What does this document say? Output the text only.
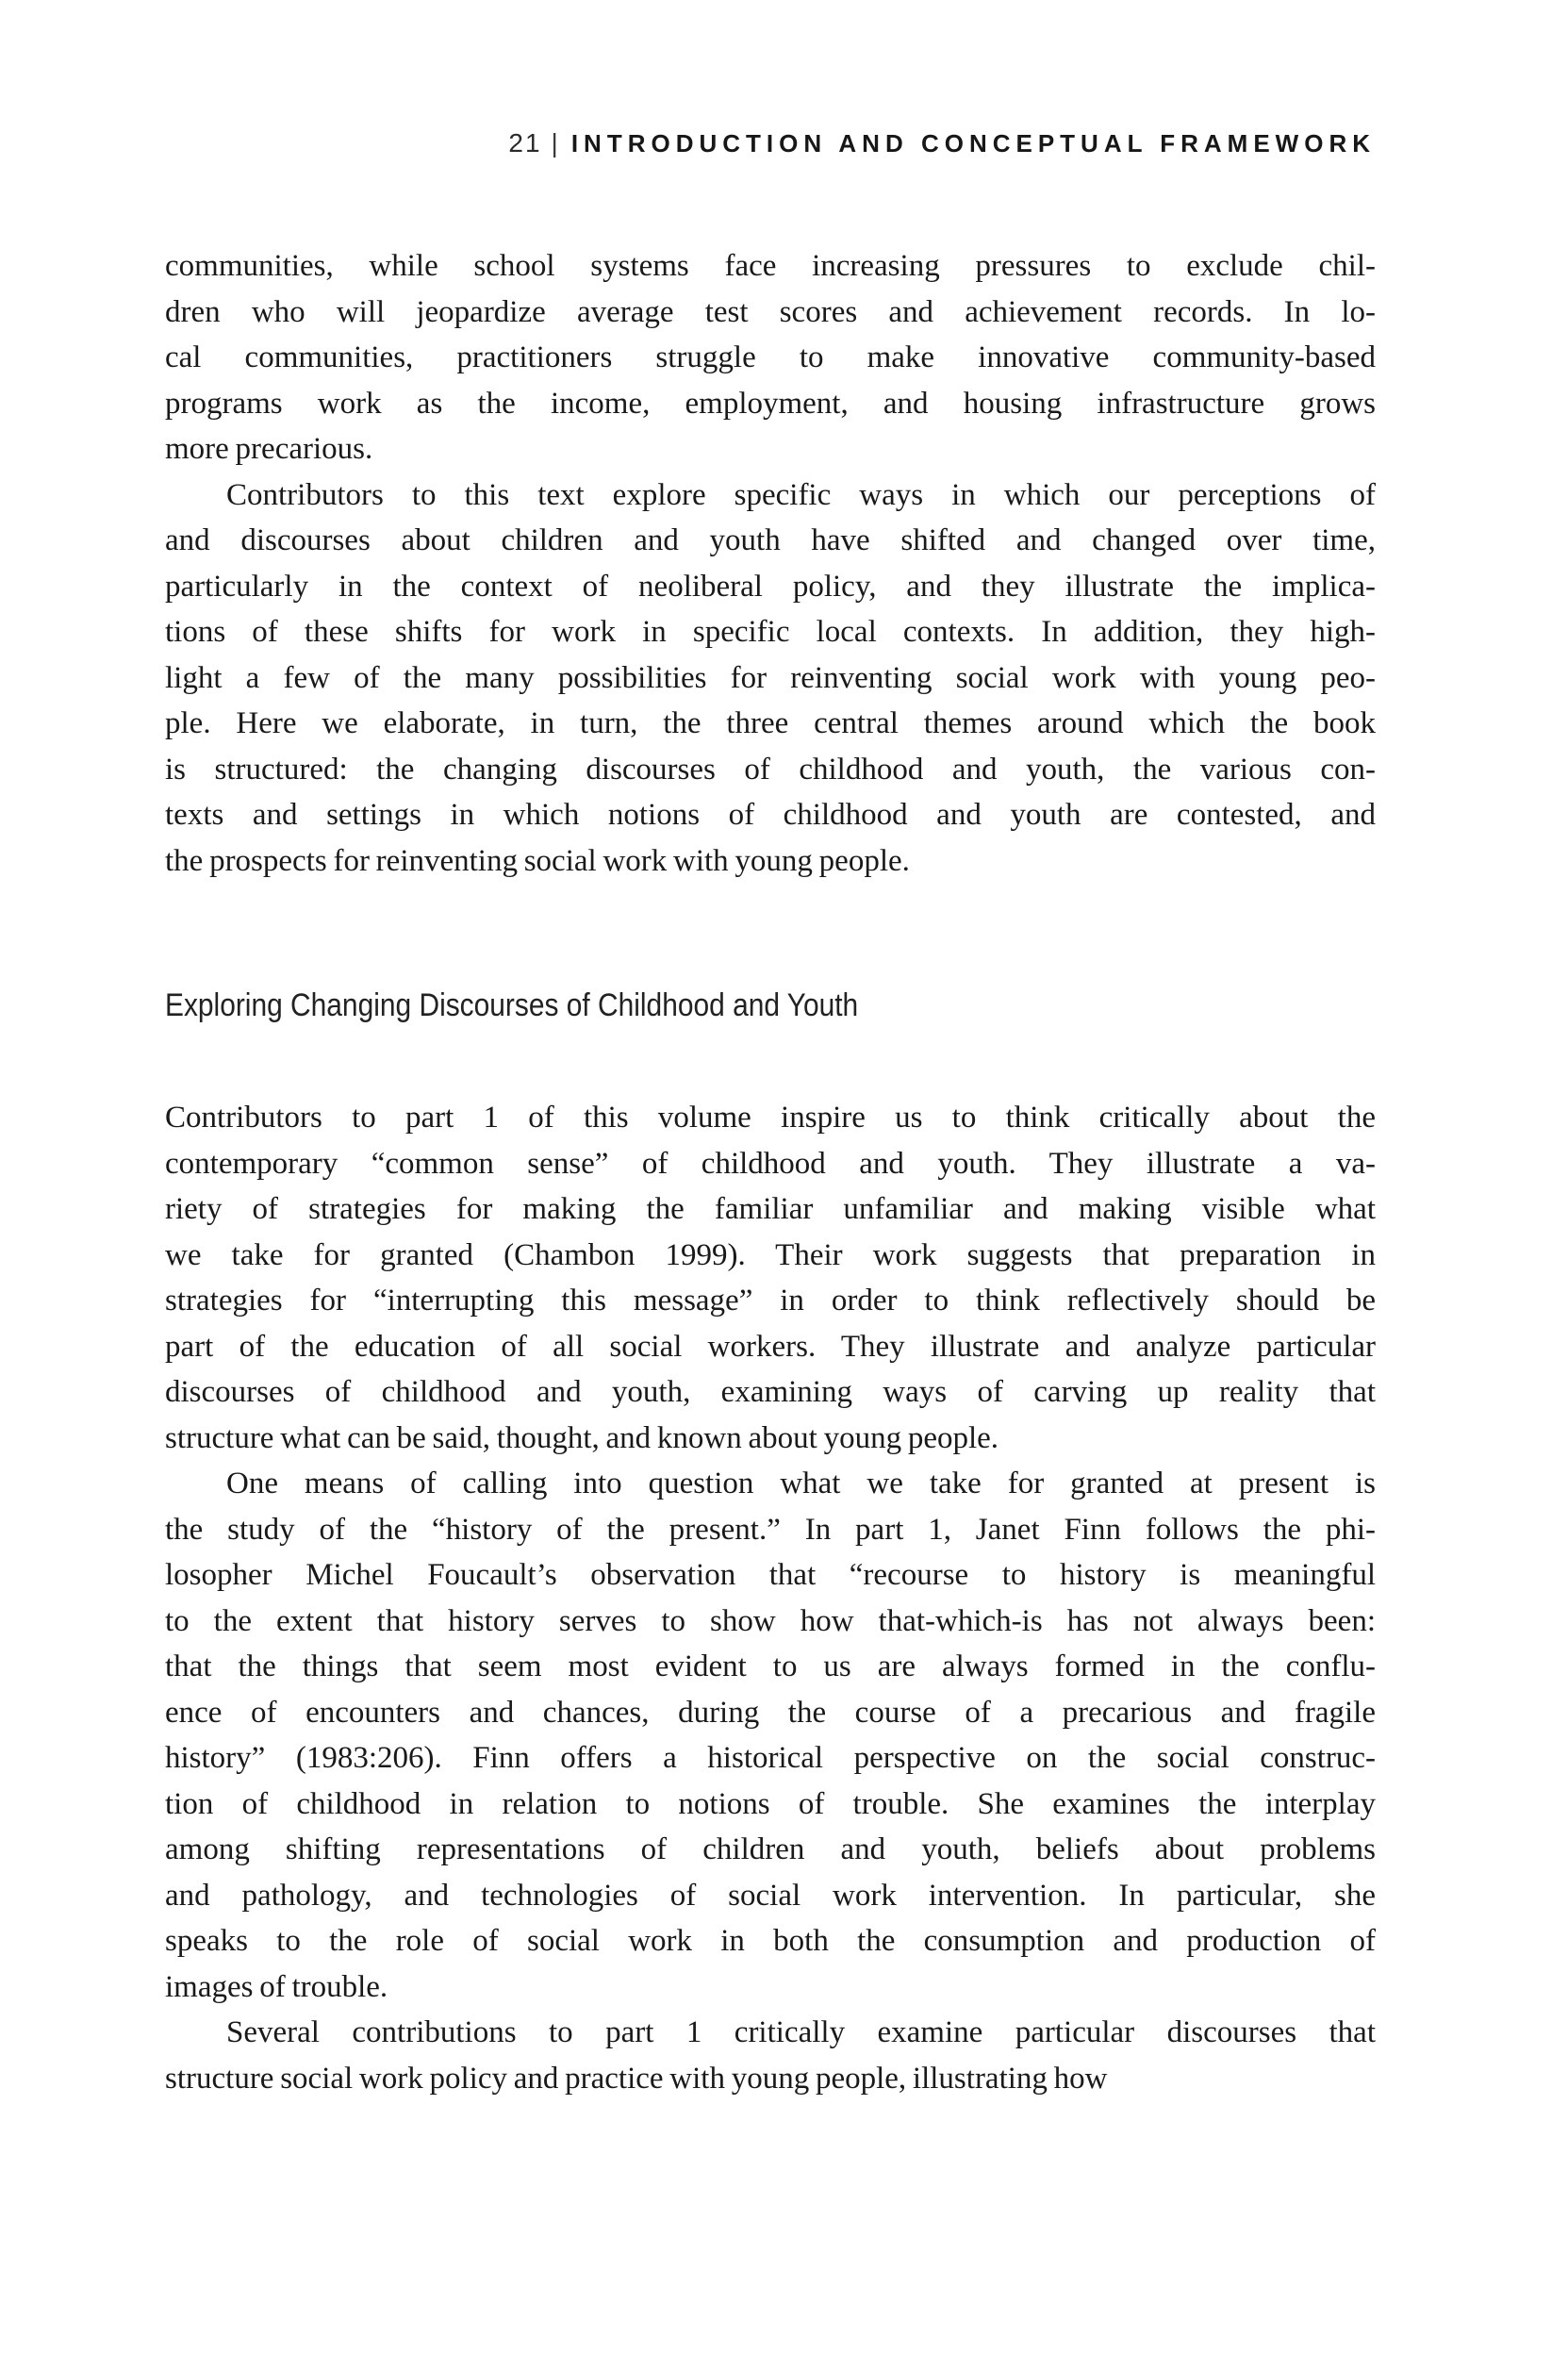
21 | INTRODUCTION AND CONCEPTUAL FRAMEWORK
communities, while school systems face increasing pressures to exclude chil-
dren who will jeopardize average test scores and achievement records. In lo-
cal communities, practitioners struggle to make innovative community-based
programs work as the income, employment, and housing infrastructure grows
more precarious.
Contributors to this text explore specific ways in which our perceptions of
and discourses about children and youth have shifted and changed over time,
particularly in the context of neoliberal policy, and they illustrate the implica-
tions of these shifts for work in specific local contexts. In addition, they high-
light a few of the many possibilities for reinventing social work with young peo-
ple. Here we elaborate, in turn, the three central themes around which the book
is structured: the changing discourses of childhood and youth, the various con-
texts and settings in which notions of childhood and youth are contested, and
the prospects for reinventing social work with young people.
Exploring Changing Discourses of Childhood and Youth
Contributors to part 1 of this volume inspire us to think critically about the
contemporary “common sense” of childhood and youth. They illustrate a va-
riety of strategies for making the familiar unfamiliar and making visible what
we take for granted (Chambon 1999). Their work suggests that preparation in
strategies for “interrupting this message” in order to think reflectively should be
part of the education of all social workers. They illustrate and analyze particular
discourses of childhood and youth, examining ways of carving up reality that
structure what can be said, thought, and known about young people.
One means of calling into question what we take for granted at present is
the study of the “history of the present.” In part 1, Janet Finn follows the phi-
losopher Michel Foucault’s observation that “recourse to history is meaningful
to the extent that history serves to show how that-which-is has not always been:
that the things that seem most evident to us are always formed in the conflu-
ence of encounters and chances, during the course of a precarious and fragile
history” (1983:206). Finn offers a historical perspective on the social construc-
tion of childhood in relation to notions of trouble. She examines the interplay
among shifting representations of children and youth, beliefs about problems
and pathology, and technologies of social work intervention. In particular, she
speaks to the role of social work in both the consumption and production of
images of trouble.
Several contributions to part 1 critically examine particular discourses that
structure social work policy and practice with young people, illustrating how
